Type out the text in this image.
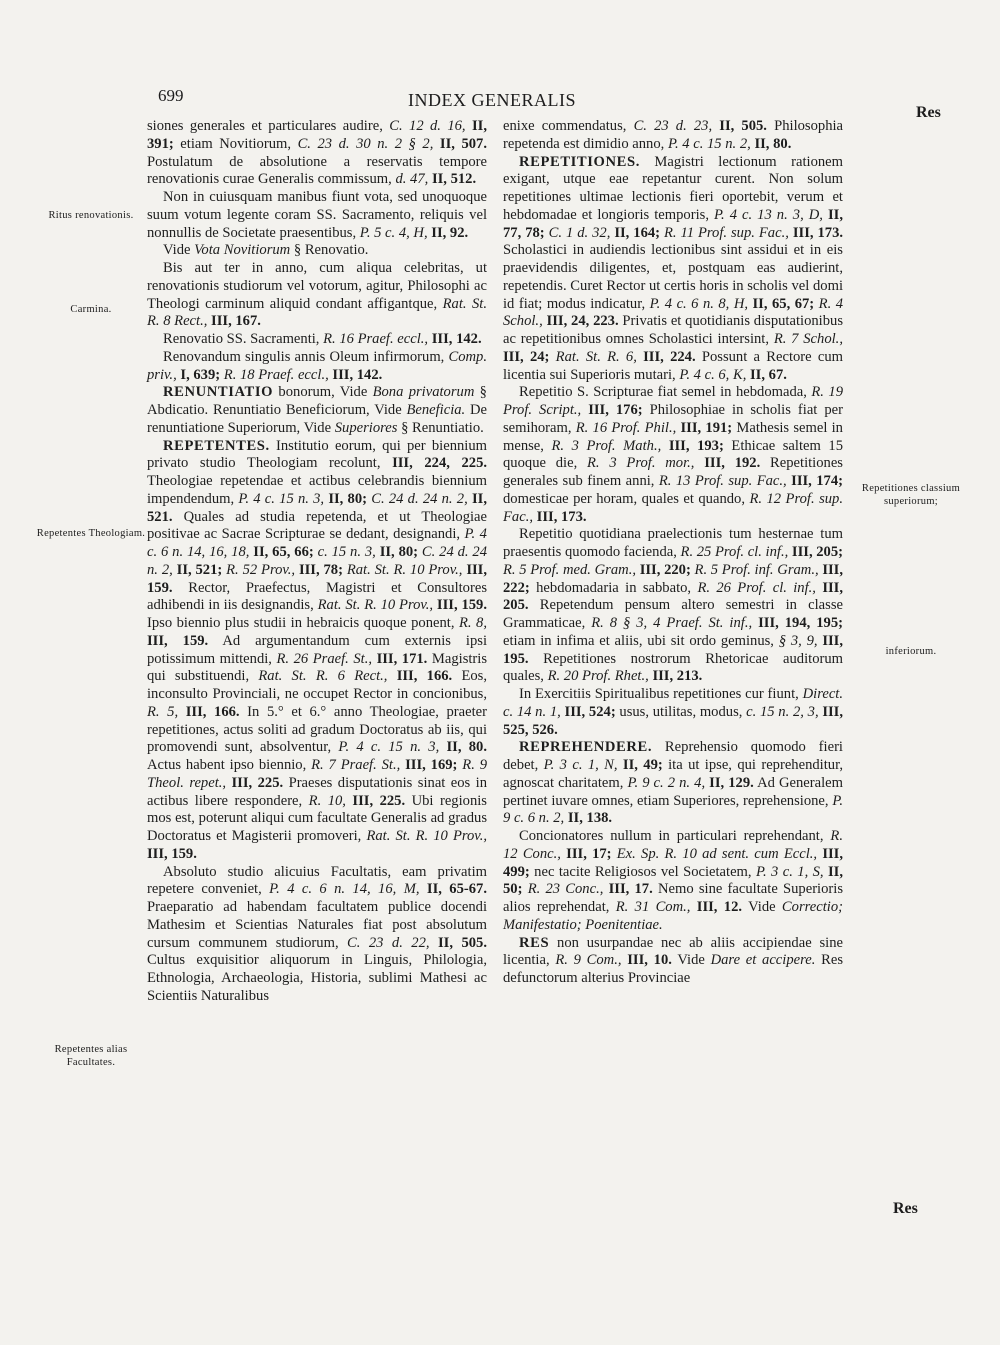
699	INDEX GENERALIS
Res
Res
Ritus renovationis.
Carmina.
Repetentes Theologiam.
Repetentes alias Facultates.
Repetitiones classium superiorum;
inferiorum.

siones generales et particulares audire, C. 12 d. 16, II, 391; etiam Novitiorum, C. 23 d. 30 n. 2 § 2, II, 507. Postulatum de absolutione a reservatis tempore renovationis curae Generalis commissum, d. 47, II, 512.

Non in cuiusquam manibus fiunt vota, sed unoquoque suum votum legente coram SS. Sacramento, reliquis vel nonnullis de Societate praesentibus, P. 5 c. 4, H, II, 92.

Vide Vota Novitiorum § Renovatio.

Bis aut ter in anno, cum aliqua celebritas, ut renovationis studiorum vel votorum, agitur, Philosophi ac Theologi carminum aliquid condant affigantque, Rat. St. R. 8 Rect., III, 167.

Renovatio SS. Sacramenti, R. 16 Praef. eccl., III, 142.

Renovandum singulis annis Oleum infirmorum, Comp. priv., I, 639; R. 18 Praef. eccl., III, 142.

RENUNTIATIO bonorum, Vide Bona privatorum § Abdicatio. Renuntiatio Beneficiorum, Vide Beneficia. De renuntiatione Superiorum, Vide Superiores § Renuntiatio.

REPETENTES. Institutio eorum, qui per biennium privato studio Theologiam recolunt, III, 224, 225. Theologiae repetendae et actibus celebrandis biennium impendendum, P. 4 c. 15 n. 3, II, 80; C. 24 d. 24 n. 2, II, 521. Quales ad studia repetenda, et ut Theologiae positivae ac Sacrae Scripturae se dedant, designandi, P. 4 c. 6 n. 14, 16, 18, II, 65, 66; c. 15 n. 3, II, 80; C. 24 d. 24 n. 2, II, 521; R. 52 Prov., III, 78; Rat. St. R. 10 Prov., III, 159. Rector, Praefectus, Magistri et Consultores adhibendi in iis designandis, Rat. St. R. 10 Prov., III, 159. Ipso biennio plus studii in hebraicis quoque ponent, R. 8, III, 159. Ad argumentandum cum externis ipsi potissimum mittendi, R. 26 Praef. St., III, 171. Magistris qui substituendi, Rat. St. R. 6 Rect., III, 166. Eos, inconsulto Provinciali, ne occupet Rector in concionibus, R. 5, III, 166. In 5.° et 6.° anno Theologiae, praeter repetitiones, actus soliti ad gradum Doctoratus ab iis, qui promovendi sunt, absolventur, P. 4 c. 15 n. 3, II, 80. Actus habent ipso biennio, R. 7 Praef. St., III, 169; R. 9 Theol. repet., III, 225. Praeses disputationis sinat eos in actibus libere respondere, R. 10, III, 225. Ubi regionis mos est, poterunt aliqui cum facultate Generalis ad gradus Doctoratus et Magisterii promoveri, Rat. St. R. 10 Prov., III, 159.

Absoluto studio alicuius Facultatis, eam privatim repetere conveniet, P. 4 c. 6 n. 14, 16, M, II, 65-67. Praeparatio ad habendam facultatem publice docendi Mathesim et Scientias Naturales fiat post absolutum cursum communem studiorum, C. 23 d. 22, II, 505. Cultus exquisitior aliquorum in Linguis, Philologia, Ethnologia, Archaeologia, Historia, sublimi Mathesi ac Scientiis Naturalibus

enixe commendatus, C. 23 d. 23, II, 505. Philosophia repetenda est dimidio anno, P. 4 c. 15 n. 2, II, 80.

REPETITIONES. Magistri lectionum rationem exigant, utque eae repetantur curent. Non solum repetitiones ultimae lectionis fieri oportebit, verum et hebdomadae et longioris temporis, P. 4 c. 13 n. 3, D, II, 77, 78; C. 1 d. 32, II, 164; R. 11 Prof. sup. Fac., III, 173. Scholastici in audiendis lectionibus sint assidui et in eis praevidendis diligentes, et, postquam eas audierint, repetendis. Curet Rector ut certis horis in scholis vel domi id fiat; modus indicatur, P. 4 c. 6 n. 8, H, II, 65, 67; R. 4 Schol., III, 24, 223. Privatis et quotidianis disputationibus ac repetitionibus omnes Scholastici intersint, R. 7 Schol., III, 24; Rat. St. R. 6, III, 224. Possunt a Rectore cum licentia sui Superioris mutari, P. 4 c. 6, K, II, 67.

Repetitio S. Scripturae fiat semel in hebdomada, R. 19 Prof. Script., III, 176; Philosophiae in scholis fiat per semihoram, R. 16 Prof. Phil., III, 191; Mathesis semel in mense, R. 3 Prof. Math., III, 193; Ethicae saltem 15 quoque die, R. 3 Prof. mor., III, 192. Repetitiones generales sub finem anni, R. 13 Prof. sup. Fac., III, 174; domesticae per horam, quales et quando, R. 12 Prof. sup. Fac., III, 173.

Repetitio quotidiana praelectionis tum hesternae tum praesentis quomodo facienda, R. 25 Prof. cl. inf., III, 205; R. 5 Prof. med. Gram., III, 220; R. 5 Prof. inf. Gram., III, 222; hebdomadaria in sabbato, R. 26 Prof. cl. inf., III, 205. Repetendum pensum altero semestri in classe Grammaticae, R. 8 § 3, 4 Praef. St. inf., III, 194, 195; etiam in infima et aliis, ubi sit ordo geminus, § 3, 9, III, 195. Repetitiones nostrorum Rhetoricae auditorum quales, R. 20 Prof. Rhet., III, 213.

In Exercitiis Spiritualibus repetitiones cur fiunt, Direct. c. 14 n. 1, III, 524; usus, utilitas, modus, c. 15 n. 2, 3, III, 525, 526.

REPREHENDERE. Reprehensio quomodo fieri debet, P. 3 c. 1, N, II, 49; ita ut ipse, qui reprehenditur, agnoscat charitatem, P. 9 c. 2 n. 4, II, 129. Ad Generalem pertinet iuvare omnes, etiam Superiores, reprehensione, P. 9 c. 6 n. 2, II, 138.

Concionatores nullum in particulari reprehendant, R. 12 Conc., III, 17; Ex. Sp. R. 10 ad sent. cum Eccl., III, 499; nec tacite Religiosos vel Societatem, P. 3 c. 1, S, II, 50; R. 23 Conc., III, 17. Nemo sine facultate Superioris alios reprehendat, R. 31 Com., III, 12. Vide Correctio; Manifestatio; Poenitentiae.

RES non usurpandae nec ab aliis accipiendae sine licentia, R. 9 Com., III, 10. Vide Dare et accipere. Res defunctorum alterius Provinciae
